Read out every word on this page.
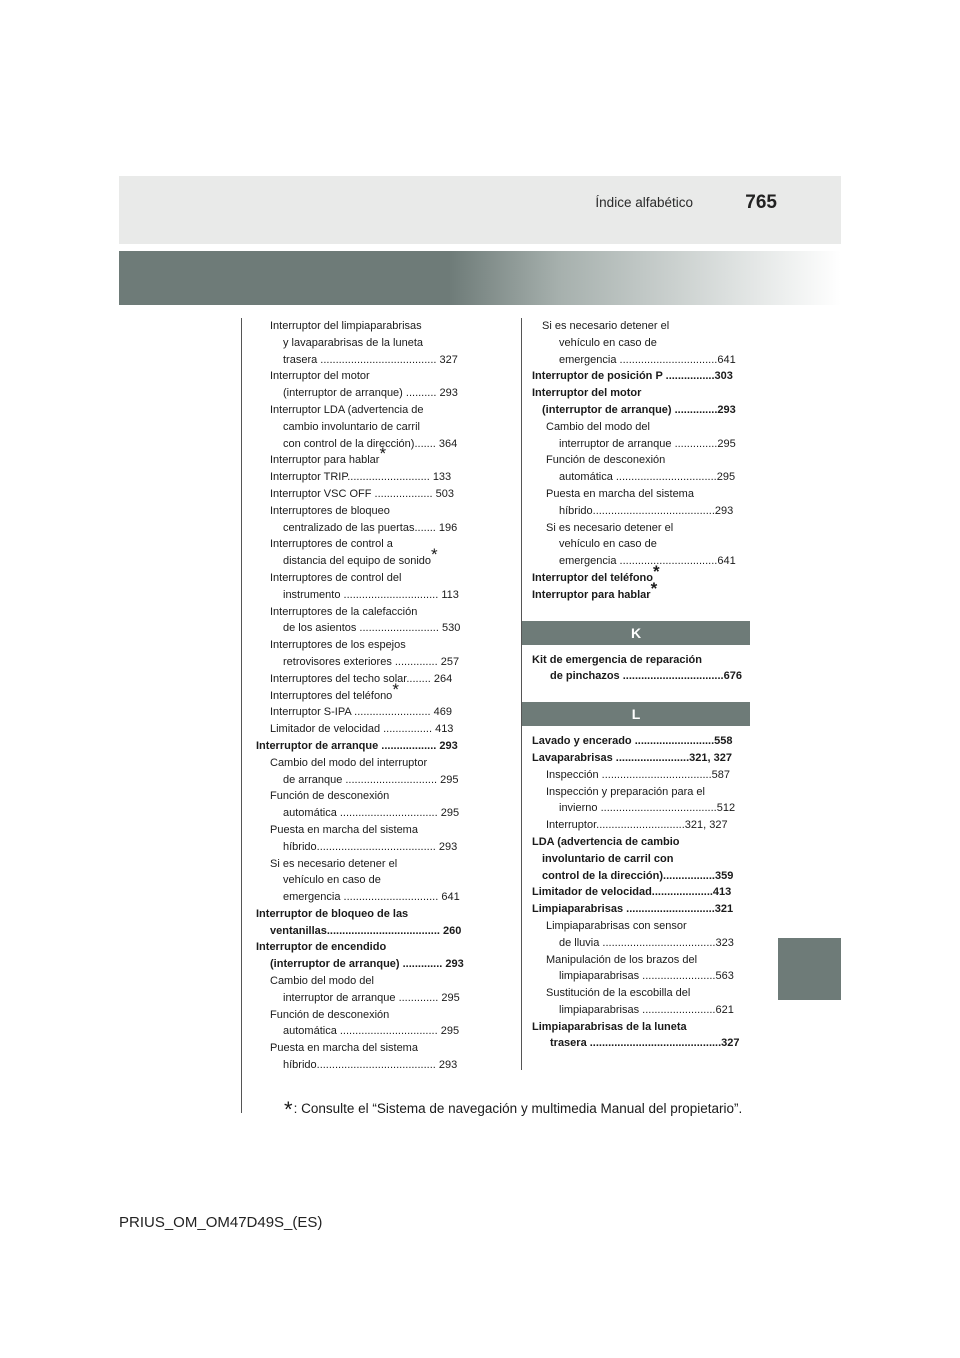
Índice alfabético	765
Interruptor del limpiaparabrisas
y lavaparabrisas de la luneta
trasera ...................................... 327
Interruptor del motor
(interruptor de arranque) .......... 293
Interruptor LDA (advertencia de
cambio involuntario de carril
con control de la dirección)....... 364
Interruptor para hablar*
Interruptor TRIP........................... 133
Interruptor VSC OFF ................... 503
Interruptores de bloqueo
centralizado de las puertas....... 196
Interruptores de control a
distancia del equipo de sonido*
Interruptores de control del
instrumento ............................... 113
Interruptores de la calefacción
de los asientos .......................... 530
Interruptores de los espejos
retrovisores exteriores .............. 257
Interruptores del techo solar........ 264
Interruptores del teléfono*
Interruptor S-IPA ......................... 469
Limitador de velocidad ................ 413
Interruptor de arranque .................. 293
Cambio del modo del interruptor
de arranque .............................. 295
Función de desconexión
automática ................................ 295
Puesta en marcha del sistema
híbrido....................................... 293
Si es necesario detener el
vehículo en caso de
emergencia ............................... 641
Interruptor de bloqueo de las
ventanillas..................................... 260
Interruptor de encendido
(interruptor de arranque) ............. 293
Cambio del modo del
interruptor de arranque ............. 295
Función de desconexión
automática ................................ 295
Puesta en marcha del sistema
híbrido....................................... 293
Si es necesario detener el
vehículo en caso de
emergencia ................................641
Interruptor de posición P ................303
Interruptor del motor
(interruptor de arranque) ..............293
Cambio del modo del
interruptor de arranque ..............295
Función de desconexión
automática .................................295
Puesta en marcha del sistema
híbrido........................................293
Si es necesario detener el
vehículo en caso de
emergencia ................................641
Interruptor del teléfono*
Interruptor para hablar*
K
Kit de emergencia de reparación
de pinchazos .................................676
L
Lavado y encerado ..........................558
Lavaparabrisas ........................321, 327
Inspección ....................................587
Inspección y preparación para el
invierno ......................................512
Interruptor.............................321, 327
LDA (advertencia de cambio
involuntario de carril con
control de la dirección).................359
Limitador de velocidad....................413
Limpiaparabrisas .............................321
Limpiaparabrisas con sensor
de lluvia .....................................323
Manipulación de los brazos del
limpiaparabrisas ........................563
Sustitución de la escobilla del
limpiaparabrisas ........................621
Limpiaparabrisas de la luneta
trasera ...........................................327
*: Consulte el “Sistema de navegación y multimedia Manual del propietario”.
PRIUS_OM_OM47D49S_(ES)
